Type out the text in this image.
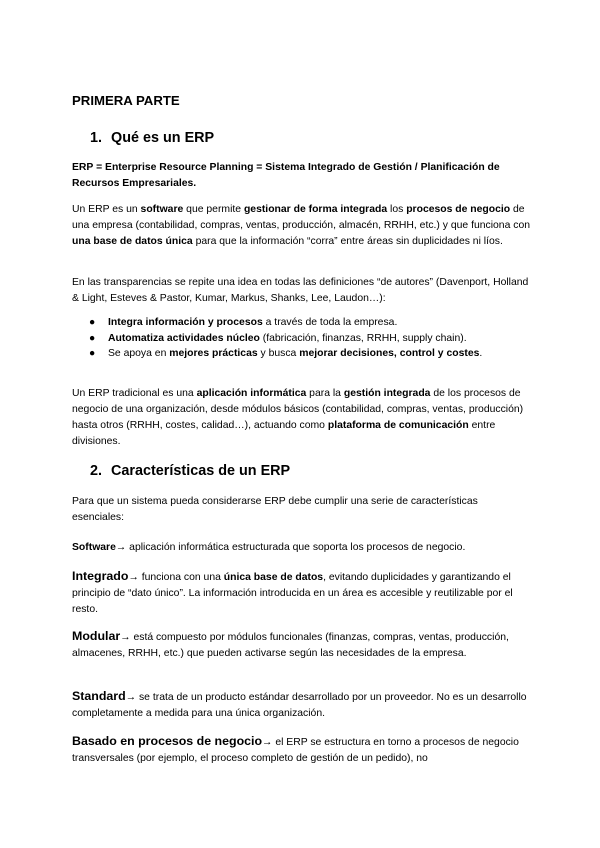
PRIMERA PARTE
1. Qué es un ERP
ERP = Enterprise Resource Planning = Sistema Integrado de Gestión / Planificación de Recursos Empresariales.
Un ERP es un software que permite gestionar de forma integrada los procesos de negocio de una empresa (contabilidad, compras, ventas, producción, almacén, RRHH, etc.) y que funciona con una base de datos única para que la información “corra” entre áreas sin duplicidades ni líos.
En las transparencias se repite una idea en todas las definiciones “de autores” (Davenport, Holland & Light, Esteves & Pastor, Kumar, Markus, Shanks, Lee, Laudon…):
● Integra información y procesos a través de toda la empresa.
● Automatiza actividades núcleo (fabricación, finanzas, RRHH, supply chain).
● Se apoya en mejores prácticas y busca mejorar decisiones, control y costes.
Un ERP tradicional es una aplicación informática para la gestión integrada de los procesos de negocio de una organización, desde módulos básicos (contabilidad, compras, ventas, producción) hasta otros (RRHH, costes, calidad…), actuando como plataforma de comunicación entre divisiones.
2. Características de un ERP
Para que un sistema pueda considerarse ERP debe cumplir una serie de características esenciales:
Software→ aplicación informática estructurada que soporta los procesos de negocio.
Integrado→ funciona con una única base de datos, evitando duplicidades y garantizando el principio de “dato único”. La información introducida en un área es accesible y reutilizable por el resto.
Modular→ está compuesto por módulos funcionales (finanzas, compras, ventas, producción, almacenes, RRHH, etc.) que pueden activarse según las necesidades de la empresa.
Standard→ se trata de un producto estándar desarrollado por un proveedor. No es un desarrollo completamente a medida para una única organización.
Basado en procesos de negocio→ el ERP se estructura en torno a procesos de negocio transversales (por ejemplo, el proceso completo de gestión de un pedido), no
